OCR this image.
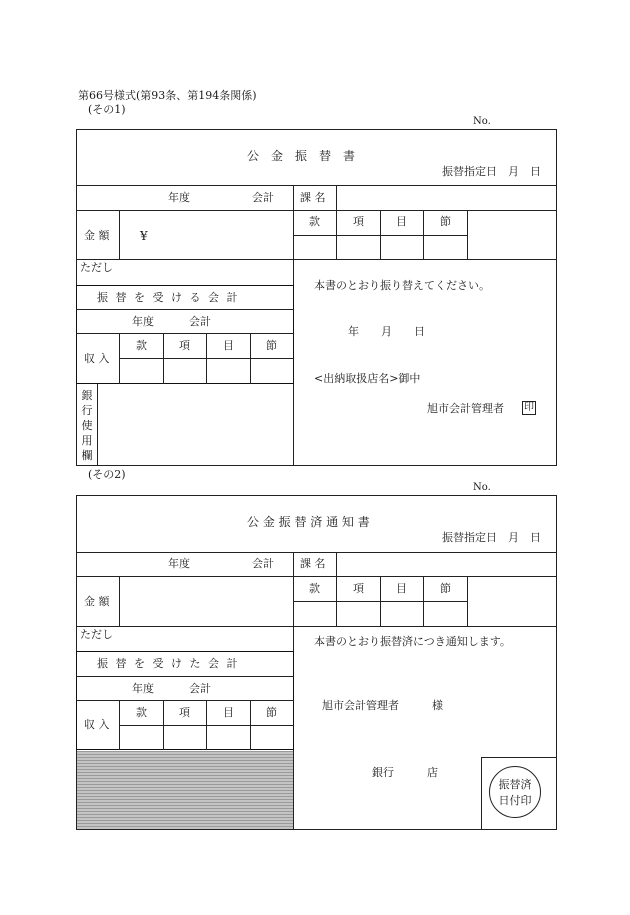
第66号様式(第93条、第194条関係)
(その1)
No.
公　金　振　替　書
振替指定日　月　日
年度	会計 課 名
金 額	¥
款	項	目	節
ただし
振 替 を 受 け る 会 計
年度	会計
収 入
款	項	目	節
銀行使用欄
本書のとおり振り替えてください。
年　　月　　日
<出納取扱店名>御中
旭市会計管理者 印
(その2)
No.
公 金 振 替 済 通 知 書
振替指定日　月　日
年度	会計 課 名
金 額
款	項	目	節
ただし
振 替 を 受 け た 会 計
年度	会計
収 入
款	項	目	節
本書のとおり振替済につき通知します。
旭市会計管理者　　　様
銀行　　　店
振替済
日付印
